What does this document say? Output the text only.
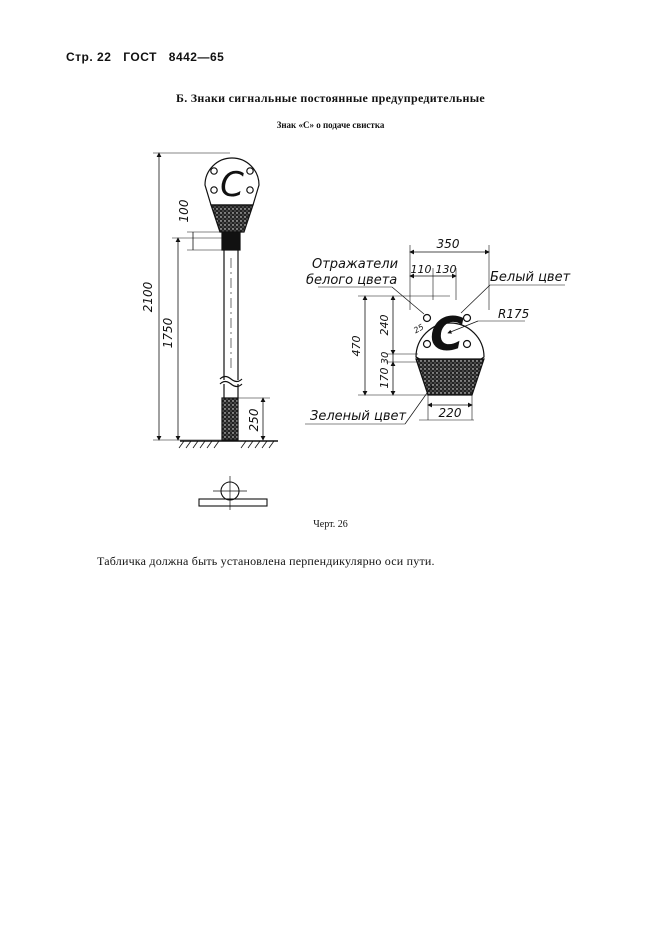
Стр. 22 ГОСТ 8442—65
Б. Знаки сигнальные постоянные предупредительные
Знак «С» о подаче свистка
С
2100
1750
100
250
С
350
110 130
470
240
30
170
220
25
R175
Отражатели
белого цвета	Белый цвет
Зеленый цвет
Черт. 26
Табличка должна быть установлена перпендикулярно оси пути.
